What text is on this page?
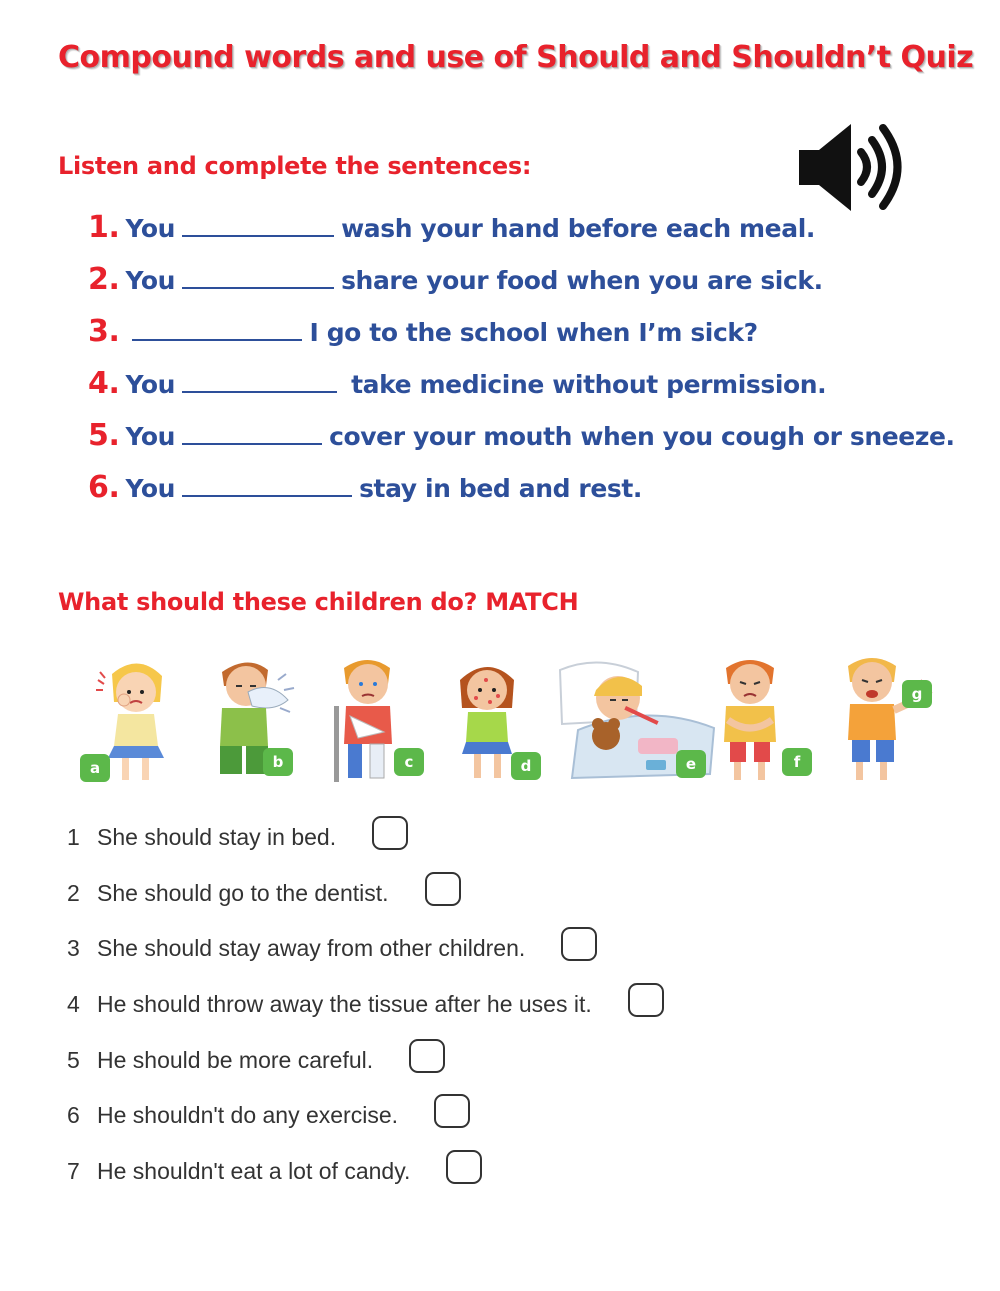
Compound words and use of Should and Shouldn’t Quiz
Listen and complete the sentences:
1. You	wash your hand before each meal.
2. You	share your food when you are sick.
3.	I go to the school when I’m sick?
4. You	take medicine without permission.
5. You	cover your mouth when you cough or sneeze.
6. You	stay in bed and rest.
What should these children do? MATCH
a	b	c	d	e	f
g
1 She should stay in bed.
2 She should go to the dentist.
3 She should stay away from other children.
4 He should throw away the tissue after he uses it.
5 He should be more careful.
6 He shouldn't do any exercise.
7 He shouldn't eat a lot of candy.
